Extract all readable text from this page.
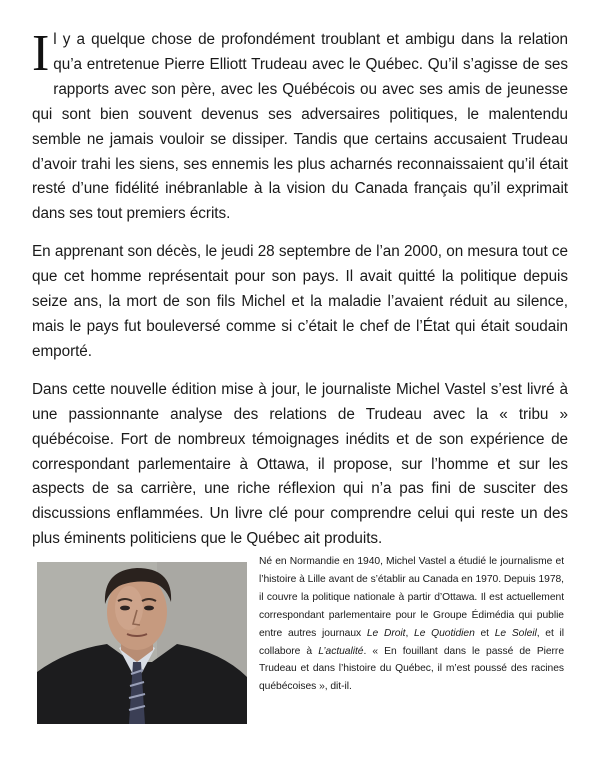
Il y a quelque chose de profondément troublant et ambigu dans la relation qu’a entretenue Pierre Elliott Trudeau avec le Québec. Qu’il s’agisse de ses rapports avec son père, avec les Québécois ou avec ses amis de jeunesse qui sont bien souvent devenus ses adversaires politiques, le malentendu semble ne jamais vouloir se dissiper. Tandis que certains accusaient Trudeau d’avoir trahi les siens, ses ennemis les plus acharnés reconnaissaient qu’il était resté d’une fidélité inébranlable à la vision du Canada français qu’il exprimait dans ses tout premiers écrits.

En apprenant son décès, le jeudi 28 septembre de l’an 2000, on mesura tout ce que cet homme représentait pour son pays. Il avait quitté la politique depuis seize ans, la mort de son fils Michel et la maladie l’avaient réduit au silence, mais le pays fut bouleversé comme si c’était le chef de l’État qui était soudain emporté.

Dans cette nouvelle édition mise à jour, le journaliste Michel Vastel s’est livré à une passionnante analyse des relations de Trudeau avec la « tribu » québécoise. Fort de nombreux témoignages inédits et de son expérience de correspondant parlementaire à Ottawa, il propose, sur l’homme et sur les aspects de sa carrière, une riche réflexion qui n’a pas fini de susciter des discussions enflammées. Un livre clé pour comprendre celui qui reste un des plus éminents politiciens que le Québec ait produits.

Né en Normandie en 1940, Michel Vastel a étudié le journalisme et l’histoire à Lille avant de s’établir au Canada en 1970. Depuis 1978, il couvre la politique nationale à partir d’Ottawa. Il est actuellement correspondant parlementaire pour le Groupe Édimédia qui publie entre autres journaux Le Droit, Le Quotidien et Le Soleil, et il collabore à L’actualité. « En fouillant dans le passé de Pierre Trudeau et dans l’histoire du Québec, il m’est poussé des racines québécoises », dit-il.
